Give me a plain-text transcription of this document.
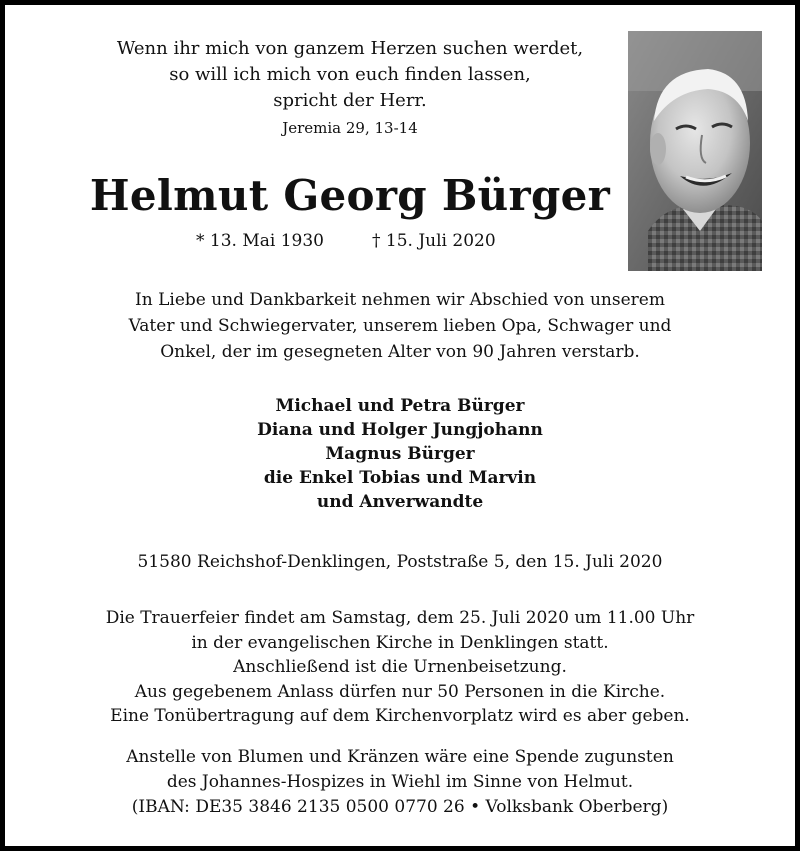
Wenn ihr mich von ganzem Herzen suchen werdet,
so will ich mich von euch finden lassen,
spricht der Herr.
Jeremia 29, 13-14
Helmut Georg Bürger
* 13. Mai 1930	† 15. Juli 2020
In Liebe und Dankbarkeit nehmen wir Abschied von unserem
Vater und Schwiegervater, unserem lieben Opa, Schwager und
Onkel, der im gesegneten Alter von 90 Jahren verstarb.
Michael und Petra Bürger
Diana und Holger Jungjohann
Magnus Bürger
die Enkel Tobias und Marvin
und Anverwandte
51580 Reichshof-Denklingen, Poststraße 5, den 15. Juli 2020
Die Trauerfeier findet am Samstag, dem 25. Juli 2020 um 11.00 Uhr
in der evangelischen Kirche in Denklingen statt.
Anschließend ist die Urnenbeisetzung.
Aus gegebenem Anlass dürfen nur 50 Personen in die Kirche.
Eine Tonübertragung auf dem Kirchenvorplatz wird es aber geben.
Anstelle von Blumen und Kränzen wäre eine Spende zugunsten
des Johannes-Hospizes in Wiehl im Sinne von Helmut.
(IBAN: DE35 3846 2135 0500 0770 26 • Volksbank Oberberg)
